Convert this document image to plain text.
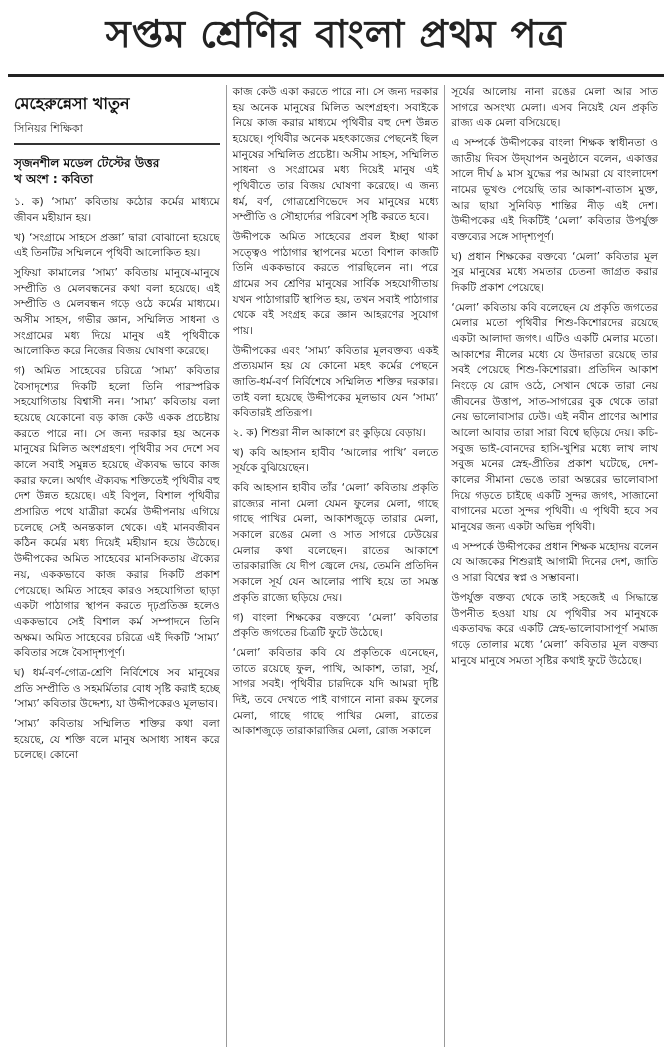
সপ্তম শ্রেণির বাংলা প্রথম পত্র
মেহেরুন্নেসা খাতুন
সিনিয়র শিক্ষিকা
সৃজনশীল মডেল টেস্টের উত্তর
খ অংশ : কবিতা

১. ক) ‘সাম্য’ কবিতায় কঠোর কর্মের মাধ্যমে জীবন মহীয়ান হয়।

খ) ‘সংগ্রামে সাহসে প্রজ্ঞা’ দ্বারা বোঝানো হয়েছে এই তিনটির সম্মিলনে পৃথিবী আলোকিত হয়।

সুফিয়া কামালের ‘সাম্য’ কবিতায় মানুষে-মানুষে সম্প্রীতি ও মেলবন্ধনের কথা বলা হয়েছে। এই সম্প্রীতি ও মেলবন্ধন গড়ে ওঠে কর্মের মাধ্যমে। অসীম সাহস, গভীর জ্ঞান, সম্মিলিত সাধনা ও সংগ্রামের মধ্য দিয়ে মানুষ এই পৃথিবীকে আলোকিত করে নিজের বিজয় ঘোষণা করেছে।

গ) অমিত সাহেবের চরিত্রে ‘সাম্য’ কবিতার বৈসাদৃশ্যের দিকটি হলো তিনি পারস্পরিক সহযোগিতায় বিশ্বাসী নন। ‘সাম্য’ কবিতায় বলা হয়েছে যেকোনো বড় কাজ কেউ একক প্রচেষ্টায় করতে পারে না। সে জন্য দরকার হয় অনেক মানুষের মিলিত অংশগ্রহণ। পৃথিবীর সব দেশে সব কালে সবাই সমুন্নত হয়েছে ঐক্যবদ্ধ ভাবে কাজ করার ফলে। অর্থাৎ ঐক্যবদ্ধ শক্তিতেই পৃথিবীর বহু দেশ উন্নত হয়েছে। এই বিপুল, বিশাল পৃথিবীর প্রসারিত পথে যাত্রীরা কর্মের উদ্দীপনায় এগিয়ে চলেছে সেই অনন্তকাল থেকে। এই মানবজীবন কঠিন কর্মের মধ্য দিয়েই মহীয়ান হয়ে উঠেছে। উদ্দীপকের অমিত সাহেবের মানসিকতায় ঐক্যের নয়, এককভাবে কাজ করার দিকটি প্রকাশ পেয়েছে। অমিত সাহেব কারও সহযোগিতা ছাড়া একটা পাঠাগার স্থাপন করতে দৃঢ়প্রতিজ্ঞ হলেও এককভাবে সেই বিশাল কর্ম সম্পাদনে তিনি অক্ষম। অমিত সাহেবের চরিত্রে এই দিকটি ‘সাম্য’ কবিতার সঙ্গে বৈসাদৃশ্যপূর্ণ।

ঘ) ধর্ম-বর্ণ-গোত্র-শ্রেণি নির্বিশেষে সব মানুষের প্রতি সম্প্রীতি ও সহমর্মিতার বোধ সৃষ্টি করাই হচ্ছে ‘সাম্য’ কবিতার উদ্দেশ্য, যা উদ্দীপকেরও মূলভাব।

‘সাম্য’ কবিতায় সম্মিলিত শক্তির কথা বলা হয়েছে, যে শক্তি বলে মানুষ অসাধ্য সাধন করে চলেছে। কোনো

কাজ কেউ একা করতে পারে না। সে জন্য দরকার হয় অনেক মানুষের মিলিত অংশগ্রহণ। সবাইকে নিয়ে কাজ করার মাধ্যমে পৃথিবীর বহু দেশ উন্নত হয়েছে। পৃথিবীর অনেক মহৎকাজের পেছনেই ছিল মানুষের সম্মিলিত প্রচেষ্টা। অসীম সাহস, সম্মিলিত সাধনা ও সংগ্রামের মধ্য দিয়েই মানুষ এই পৃথিবীতে তার বিজয় ঘোষণা করেছে। এ জন্য ধর্ম, বর্ণ, গোত্রশ্রেণিভেদে সব মানুষের মধ্যে সম্প্রীতি ও সৌহার্দ্যের পরিবেশ সৃষ্টি করতে হবে।

উদ্দীপকে অমিত সাহেবের প্রবল ইচ্ছা থাকা সত্ত্বেও পাঠাগার স্থাপনের মতো বিশাল কাজটি তিনি এককভাবে করতে পারছিলেন না। পরে গ্রামের সব শ্রেণির মানুষের সার্বিক সহযোগীতায় যখন পাঠাগারটি স্থাপিত হয়, তখন সবাই পাঠাগার থেকে বই সংগ্রহ করে জ্ঞান আহরণের সুযোগ পায়।

উদ্দীপকের এবং ‘সাম্য’ কবিতার মূলবক্তব্য একই প্রত্যয়মান হয় যে কোনো মহৎ কর্মের পেছনে জাতি-ধর্ম-বর্ণ নির্বিশেষে সম্মিলিত শক্তির দরকার। তাই বলা হয়েছে উদ্দীপকের মূলভাব যেন ‘সাম্য’ কবিতারই প্রতিরূপ।

২. ক) শিশুরা নীল আকাশে রং কুড়িয়ে বেড়ায়।

খ) কবি আহসান হাবীব ‘আলোর পাখি’ বলতে সূর্যকে বুঝিয়েছেন।

কবি আহসান হাবীব তাঁর ‘মেলা’ কবিতায় প্রকৃতি রাজ্যের নানা মেলা যেমন ফুলের মেলা, গাছে গাছে পাখির মেলা, আকাশজুড়ে তারার মেলা, সকালে রঙের মেলা ও সাত সাগরে ঢেউয়ের মেলার কথা বলেছেন। রাতের আকাশে তারকারাজি যে দীপ জ্বেলে দেয়, তেমনি প্রতিদিন সকালে সূর্য যেন আলোর পাখি হয়ে তা সমস্ত প্রকৃতি রাজ্যে ছড়িয়ে দেয়।

গ) বাংলা শিক্ষকের বক্তব্যে ‘মেলা’ কবিতার প্রকৃতি জগতের চিত্রটি ফুটে উঠেছে।

‘মেলা’ কবিতার কবি যে প্রকৃতিকে এনেছেন, তাতে রয়েছে ফুল, পাখি, আকাশ, তারা, সূর্য, সাগর সবই। পৃথিবীর চারদিকে যদি আমরা দৃষ্টি দিই, তবে দেখতে পাই বাগানে নানা রকম ফুলের মেলা, গাছে গাছে পাখির মেলা, রাতের আকাশজুড়ে তারাকারাজির মেলা, রোজ সকালে

সূর্যের আলোয় নানা রঙের মেলা আর সাত সাগরে অসংখ্য মেলা। এসব নিয়েই যেন প্রকৃতি রাজ্য এক মেলা বসিয়েছে।

এ সম্পর্কে উদ্দীপকের বাংলা শিক্ষক স্বাধীনতা ও জাতীয় দিবস উদ্‌যাপন অনুষ্ঠানে বলেন, একাত্তর সালে দীর্ঘ ৯ মাস যুদ্ধের পর আমরা যে বাংলাদেশ নামের ভূখণ্ড পেয়েছি তার আকাশ-বাতাস মুক্ত, আর ছায়া সুনিবিড় শান্তির নীড় এই দেশ। উদ্দীপকের এই দিকটিই ‘মেলা’ কবিতার উপর্যুক্ত বক্তব্যের সঙ্গে সাদৃশ্যপূর্ণ।

ঘ) প্রধান শিক্ষকের বক্তব্যে ‘মেলা’ কবিতার মূল সুর মানুষের মধ্যে সমতার চেতনা জাগ্রত করার দিকটি প্রকাশ পেয়েছে।

‘মেলা’ কবিতায় কবি বলেছেন যে প্রকৃতি জগতের মেলার মতো পৃথিবীর শিশু-কিশোরদের রয়েছে একটা আলাদা জগৎ। এটিও একটি মেলার মতো। আকাশের নীলের মধ্যে যে উদারতা রয়েছে তার সবই পেয়েছে শিশু-কিশোররা। প্রতিদিন আকাশ নিংড়ে যে রোদ ওঠে, সেখান থেকে তারা নেয় জীবনের উত্তাপ, সাত-সাগরের বুক থেকে তারা নেয় ভালোবাসার ঢেউ। এই নবীন প্রাণের আশার আলো আবার তারা সারা বিশ্বে ছড়িয়ে দেয়। কচি-সবুজ ভাই-বোনদের হাসি-খুশির মধ্যে লাখ লাখ সবুজ মনের স্নেহ-প্রীতির প্রকাশ ঘটেছে, দেশ-কালের সীমানা ভেঙে তারা অন্তরের ভালোবাসা দিয়ে গড়তে চাইছে একটি সুন্দর জগৎ, সাজানো বাগানের মতো সুন্দর পৃথিবী। এ পৃথিবী হবে সব মানুষের জন্য একটা অভিন্ন পৃথিবী।

এ সম্পর্কে উদ্দীপকের প্রধান শিক্ষক মহোদয় বলেন যে আজকের শিশুরাই আগামী দিনের দেশ, জাতি ও সারা বিশ্বের স্বপ্ন ও সম্ভাবনা।

উপর্যুক্ত বক্তব্য থেকে তাই সহজেই এ সিদ্ধান্তে উপনীত হওয়া যায় যে পৃথিবীর সব মানুষকে একতাবদ্ধ করে একটি স্নেহ-ভালোবাসাপূর্ণ সমাজ গড়ে তোলার মধ্যে ‘মেলা’ কবিতার মূল বক্তব্য মানুষে মানুষে সমতা সৃষ্টির কথাই ফুটে উঠেছে।
